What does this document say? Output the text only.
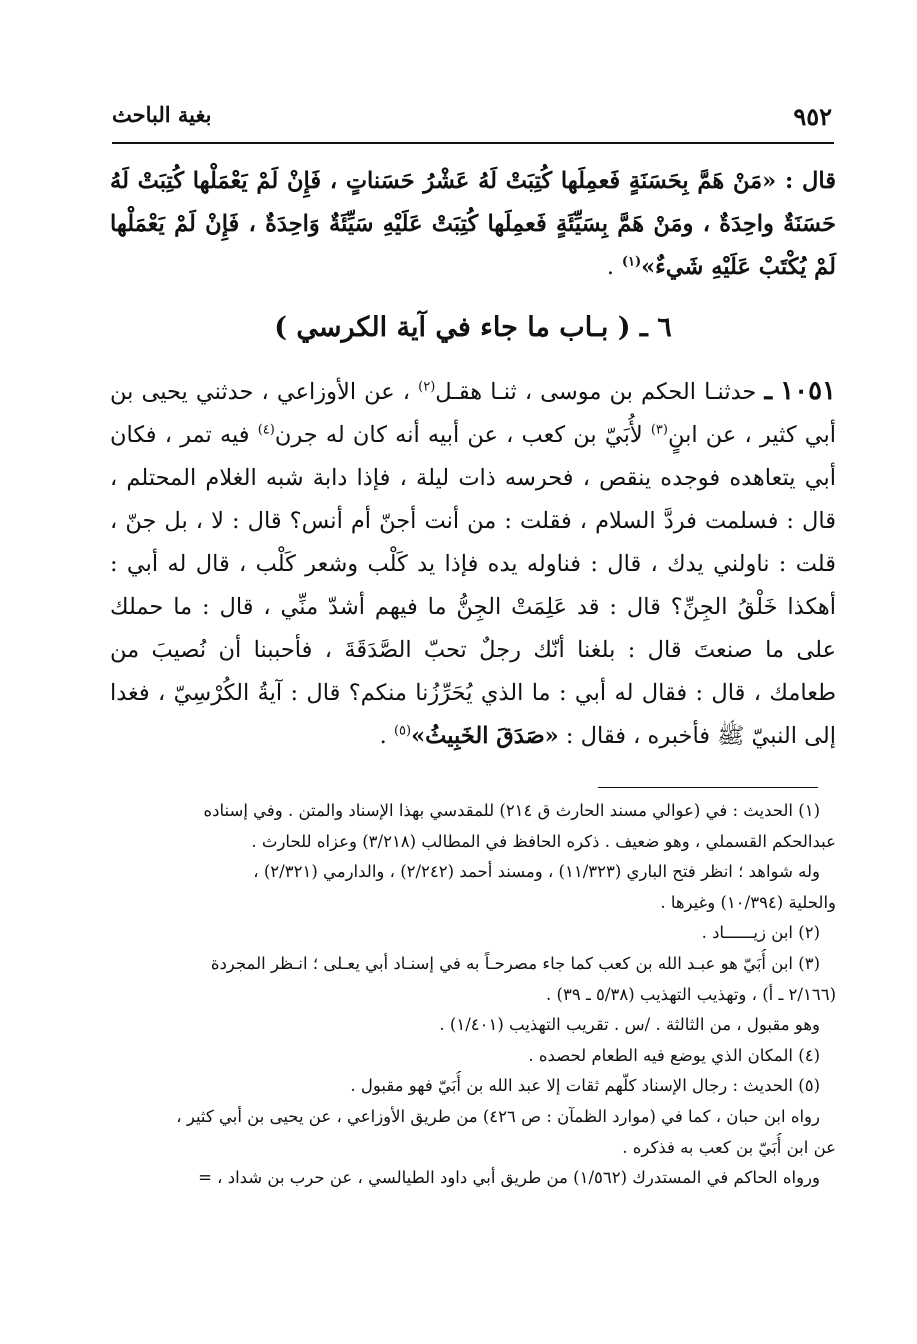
٩٥٢
بغية الباحث
قال : «مَنْ هَمَّ بِحَسَنَةٍ فَعمِلَها كُتِبَتْ لَهُ عَشْرُ حَسَناتٍ ، فَإِنْ لَمْ يَعْمَلْها كُتِبَتْ لَهُ حَسَنَةٌ واحِدَةٌ ، ومَنْ هَمَّ بِسَيِّئَةٍ فَعمِلَها كُتِبَتْ عَلَيْهِ سَيِّئَةٌ وَاحِدَةٌ ، فَإِنْ لَمْ يَعْمَلْها لَمْ يُكْتَبْ عَلَيْهِ شَيءٌ»$^{(١)}$ .
٦ ـ ( بـاب ما جاء في آية الكرسي )
١٠٥١ ـ حدثنـا الحكم بن موسى ، ثنـا هقـل$^{(٢)}$ ، عن الأوزاعي ، حدثني يحيى بن أبي كثير ، عن ابنٍ$^{(٣)}$ لأُبَيّ بن كعب ، عن أبيه أنه كان له جرن$^{(٤)}$ فيه تمر ، فكان أبي يتعاهده فوجده ينقص ، فحرسه ذات ليلة ، فإذا دابة شبه الغلام المحتلم ، قال : فسلمت فردَّ السلام ، فقلت : من أنت أجنّ أم أنس؟ قال : لا ، بل جنّ ، قلت : ناولني يدك ، قال : فناوله يده فإذا يد كَلْب وشعر كَلْب ، قال له أبي : أهكذا خَلْقُ الجِنِّ؟ قال : قد عَلِمَتْ الجِنُّ ما فيهم أشدّ منِّي ، قال : ما حملك على ما صنعتَ قال : بلغنا أنّك رجلٌ تحبّ الصَّدَقَةَ ، فأحببنا أن نُصيبَ من طعامك ، قال : فقال له أبي : ما الذي يُحَرِّزُنا منكم؟ قال : آيةُ الكُرْسِيّ ، فغدا إلى النبيّ ﷺ فأخبره ، فقال : «صَدَقَ الخَبِيثُ»$^{(٥)}$ .

(١) الحديث : في (عوالي مسند الحارث ق ٢١٤) للمقدسي بهذا الإسناد والمتن . وفي إسناده

عبدالحكم القسملي ، وهو ضعيف . ذكره الحافظ في المطالب (٣/٢١٨) وعزاه للحارث .

وله شواهد ؛ انظر فتح الباري (١١/٣٢٣) ، ومسند أحمد (٢/٢٤٢) ، والدارمي (٢/٣٢١) ،

والحلية (١٠/٣٩٤) وغيرها .

(٢) ابن زيــــــاد .

(٣) ابن أُبَيّ هو عبـد الله بن كعب كما جاء مصرحـاً به في إسنـاد أبي يعـلى ؛ انـظر المجردة

(٢/١٦٦ ـ أ) ، وتهذيب التهذيب (٥/٣٨ ـ ٣٩) .

وهو مقبول ، من الثالثة . /س . تقريب التهذيب (١/٤٠١) .

(٤) المكان الذي يوضع فيه الطعام لحصده .

(٥) الحديث : رجال الإسناد كلّهم ثقات إلا عبد الله بن أُبَيّ فهو مقبول .

رواه ابن حبان ، كما في (موارد الظمآن : ص ٤٢٦) من طريق الأوزاعي ، عن يحيى بن أبي كثير ،

عن ابن أُبَيّ بن كعب به فذكره .

ورواه الحاكم في المستدرك (١/٥٦٢) من طريق أبي داود الطيالسي ، عن حرب بن شداد ، =
